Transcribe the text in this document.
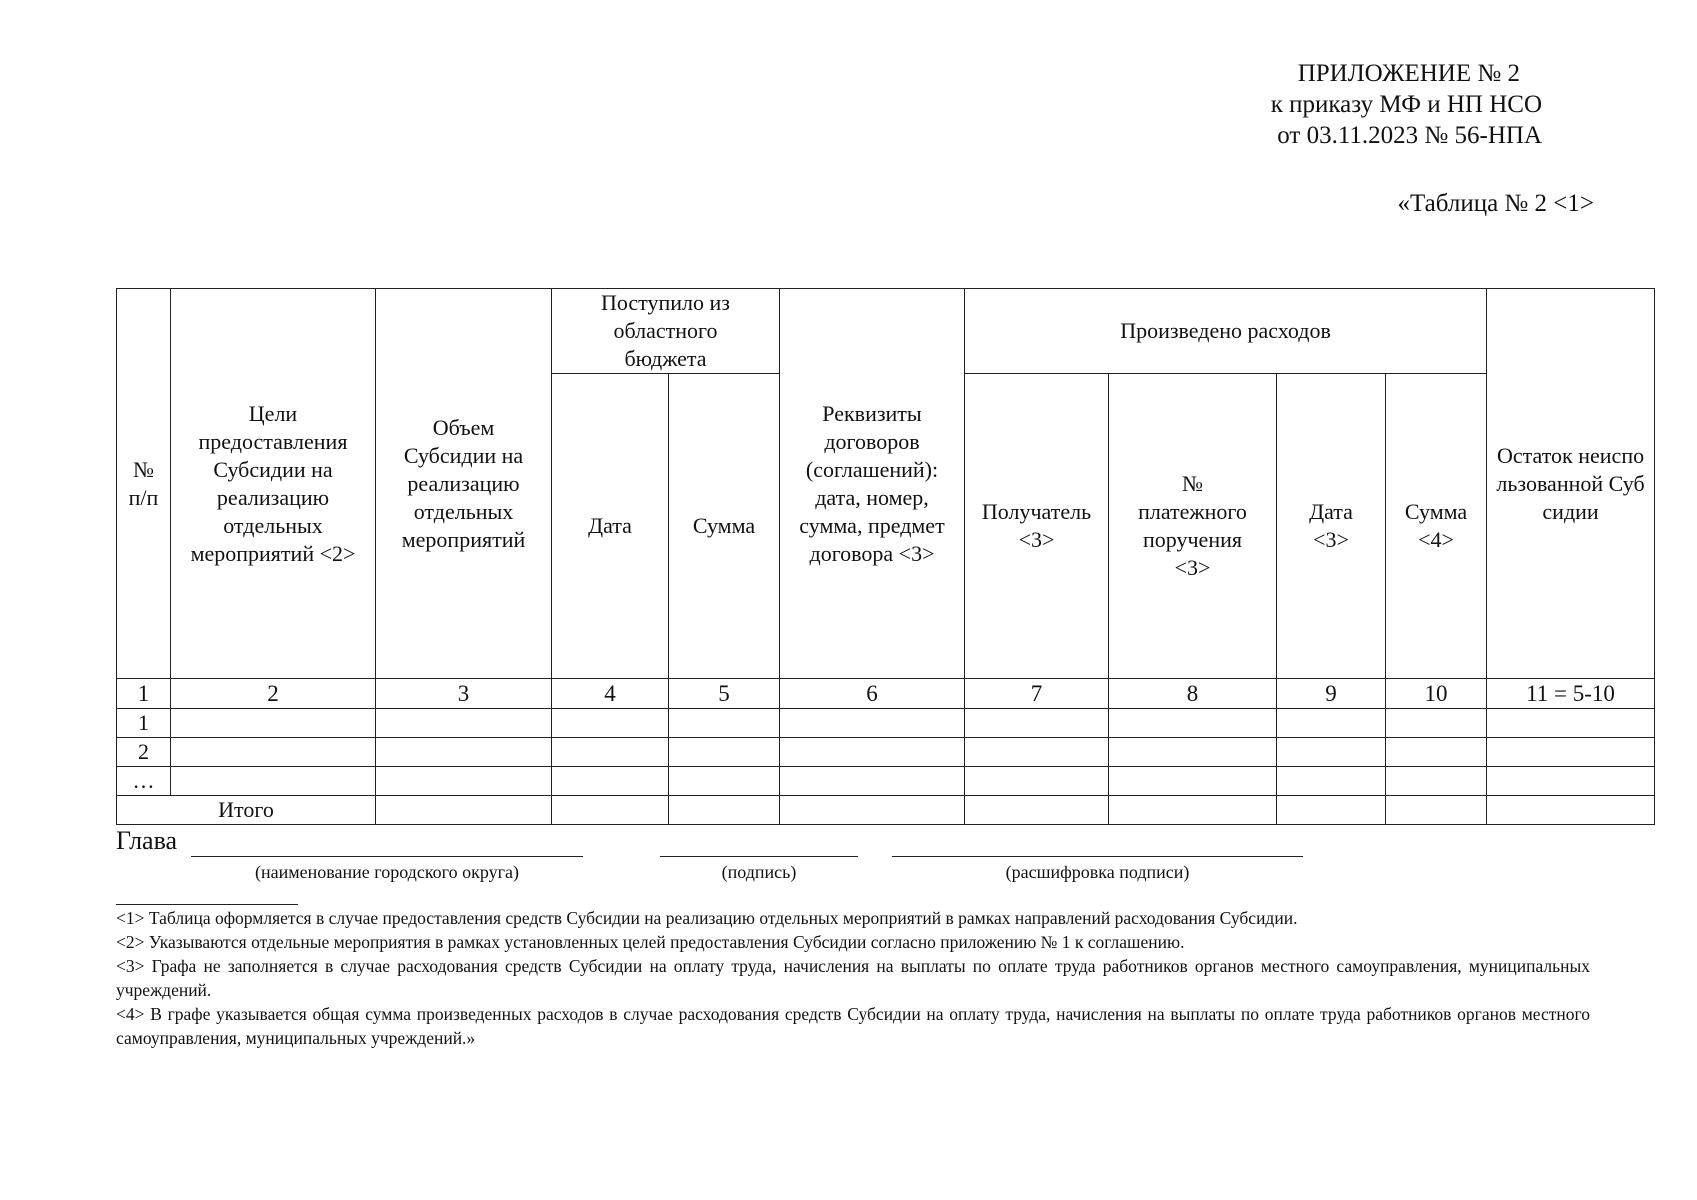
ПРИЛОЖЕНИЕ № 2
к приказу МФ и НП НСО
от 03.11.2023 № 56-НПА
«Таблица № 2 <1>
№ п/п	Цели предоставления Субсидии на реализацию отдельных мероприятий <2>	Объем Субсидии на реализацию отдельных мероприятий	Поступило из областного бюджета		Реквизиты договоров (соглашений): дата, номер, сумма, предмет договора <3>	Произведено расходов				Остаток неиспользованной Субсидии
			Дата	Сумма		Получатель <3>	№ платежного поручения <3>	Дата <3>	Сумма <4>	
1	2	3	4	5	6	7	8	9	10	11 = 5-10
1										
2										
…										
Итого										
Глава
(наименование городского округа)	(подпись)	(расшифровка подписи)

<1> Таблица оформляется в случае предоставления средств Субсидии на реализацию отдельных мероприятий в рамках направлений расходования Субсидии.

<2> Указываются отдельные мероприятия в рамках установленных целей предоставления Субсидии согласно приложению № 1 к соглашению.

<3> Графа не заполняется в случае расходования средств Субсидии на оплату труда, начисления на выплаты по оплате труда работников органов местного самоуправления, муниципальных учреждений.

<4> В графе указывается общая сумма произведенных расходов в случае расходования средств Субсидии на оплату труда, начисления на выплаты по оплате труда работников органов местного самоуправления, муниципальных учреждений.»
